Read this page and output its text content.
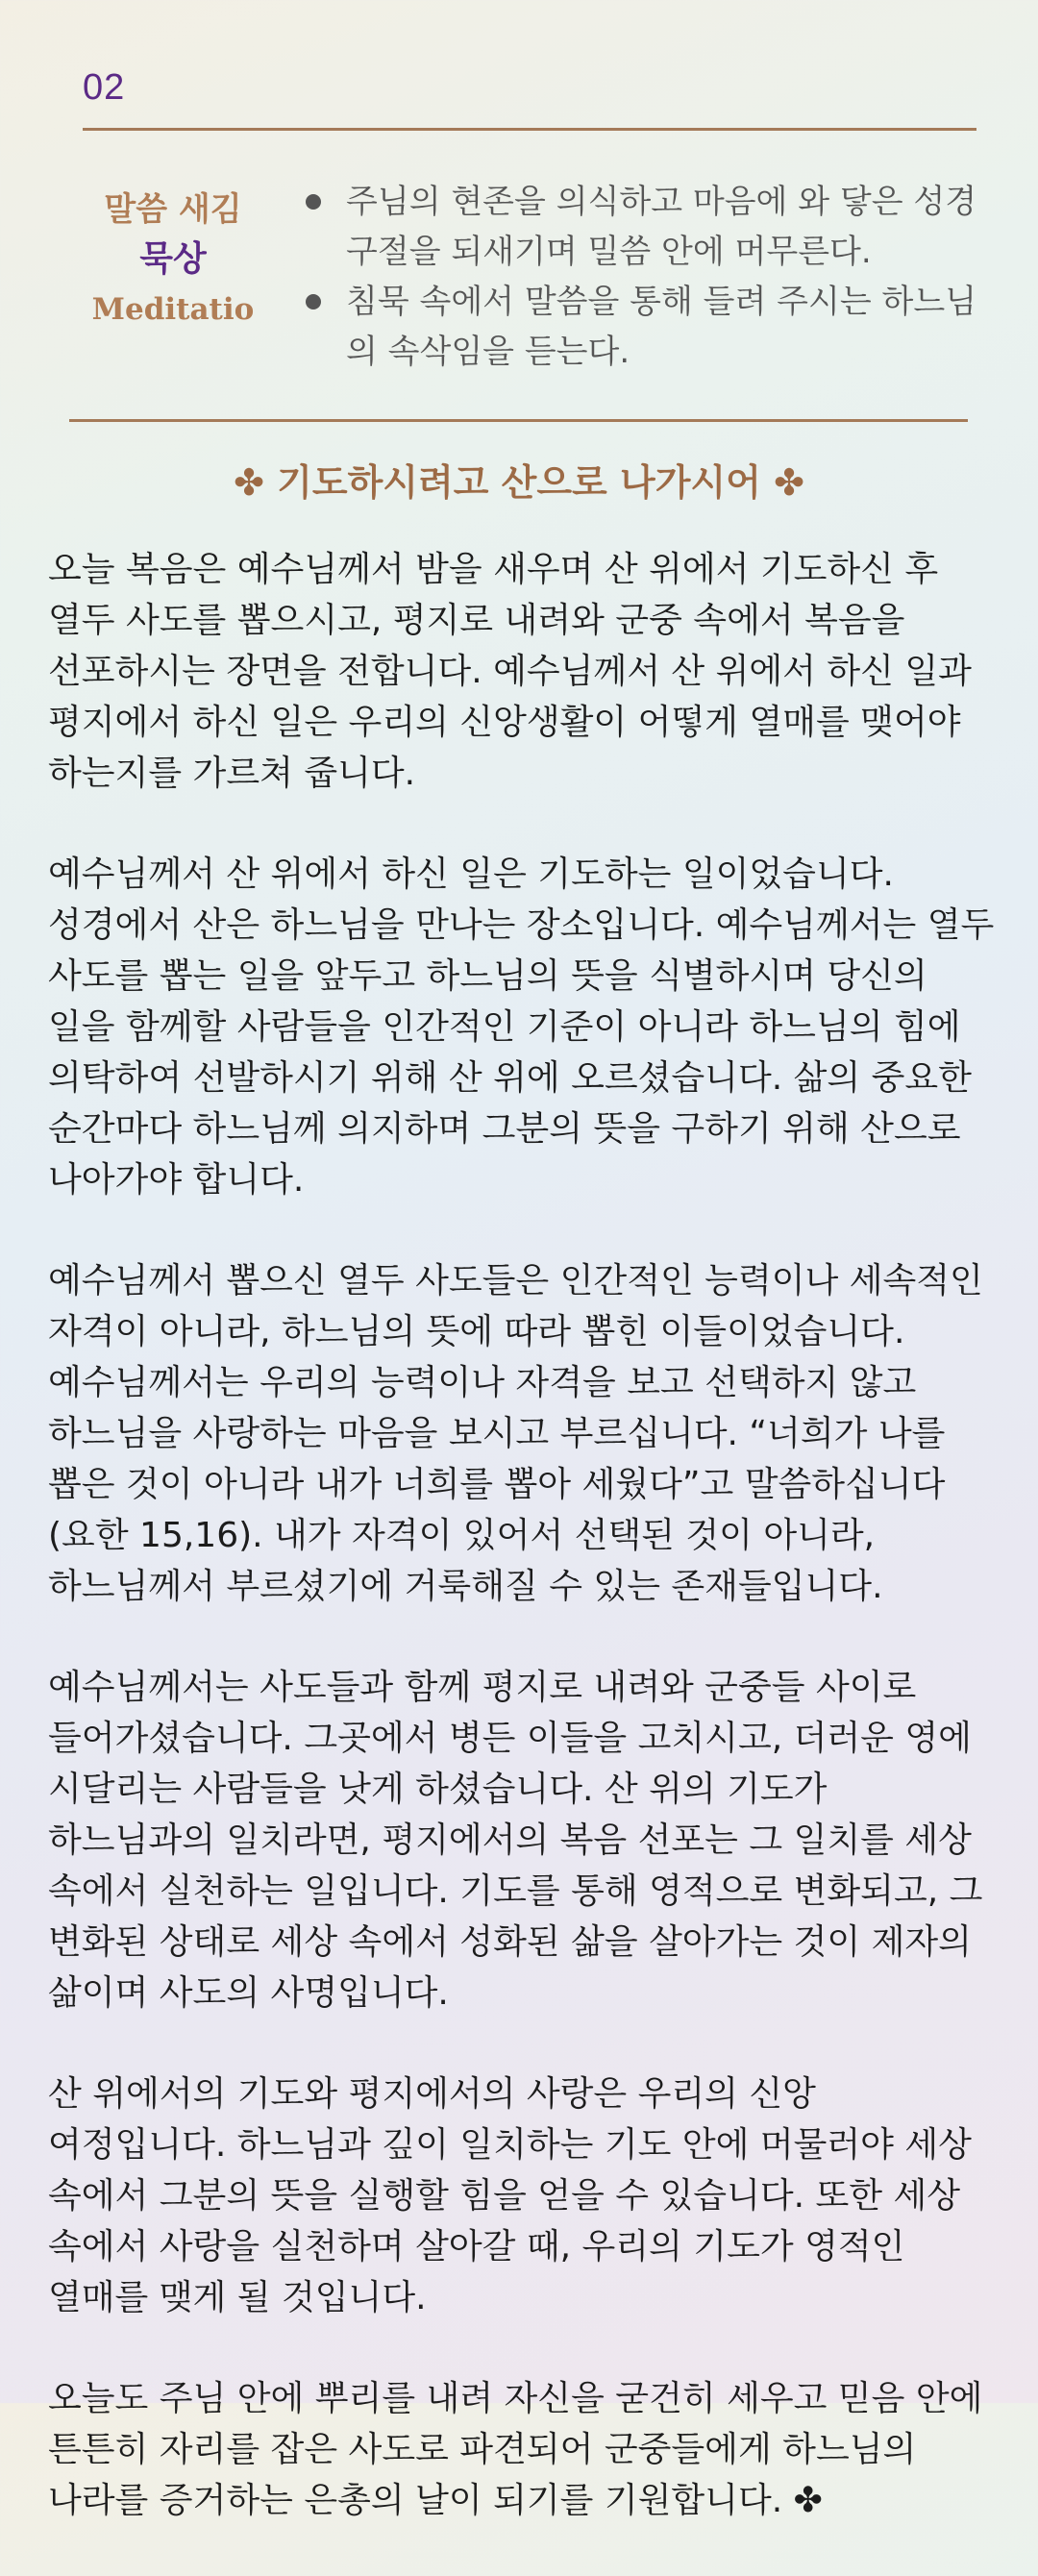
02
말씀 새김
묵상
Meditatio
주님의 현존을 의식하고 마음에 와 닿은 성경구절을 되새기며 밀씀 안에 머무른다.
침묵 속에서 말씀을 통해 들려 주시는 하느님의 속삭임을 듣는다.
✤ 기도하시려고 산으로 나가시어 ✤

오늘 복음은 예수님께서 밤을 새우며 산 위에서 기도하신 후 열두 사도를 뽑으시고, 평지로 내려와 군중 속에서 복음을 선포하시는 장면을 전합니다. 예수님께서 산 위에서 하신 일과 평지에서 하신 일은 우리의 신앙생활이 어떻게 열매를 맺어야 하는지를 가르쳐 줍니다.

예수님께서 산 위에서 하신 일은 기도하는 일이었습니다. 성경에서 산은 하느님을 만나는 장소입니다. 예수님께서는 열두 사도를 뽑는 일을 앞두고 하느님의 뜻을 식별하시며 당신의 일을 함께할 사람들을 인간적인 기준이 아니라 하느님의 힘에 의탁하여 선발하시기 위해 산 위에 오르셨습니다. 삶의 중요한 순간마다 하느님께 의지하며 그분의 뜻을 구하기 위해 산으로 나아가야 합니다.

예수님께서 뽑으신 열두 사도들은 인간적인 능력이나 세속적인 자격이 아니라, 하느님의 뜻에 따라 뽑힌 이들이었습니다. 예수님께서는 우리의 능력이나 자격을 보고 선택하지 않고 하느님을 사랑하는 마음을 보시고 부르십니다. “너희가 나를 뽑은 것이 아니라 내가 너희를 뽑아 세웠다”고 말씀하십니다 (요한 15,16). 내가 자격이 있어서 선택된 것이 아니라, 하느님께서 부르셨기에 거룩해질 수 있는 존재들입니다.

예수님께서는 사도들과 함께 평지로 내려와 군중들 사이로 들어가셨습니다. 그곳에서 병든 이들을 고치시고, 더러운 영에 시달리는 사람들을 낫게 하셨습니다. 산 위의 기도가 하느님과의 일치라면, 평지에서의 복음 선포는 그 일치를 세상 속에서 실천하는 일입니다. 기도를 통해 영적으로 변화되고, 그 변화된 상태로 세상 속에서 성화된 삶을 살아가는 것이 제자의 삶이며 사도의 사명입니다.

산 위에서의 기도와 평지에서의 사랑은 우리의 신앙 여정입니다. 하느님과 깊이 일치하는 기도 안에 머물러야 세상 속에서 그분의 뜻을 실행할 힘을 얻을 수 있습니다. 또한 세상 속에서 사랑을 실천하며 살아갈 때, 우리의 기도가 영적인 열매를 맺게 될 것입니다.

오늘도 주님 안에 뿌리를 내려 자신을 굳건히 세우고 믿음 안에 튼튼히 자리를 잡은 사도로 파견되어 군중들에게 하느님의 나라를 증거하는 은총의 날이 되기를 기원합니다. ✤
